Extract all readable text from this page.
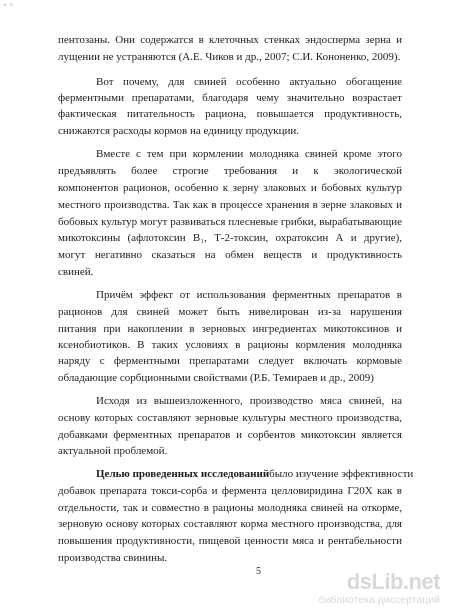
• ^
пентозаны. Они содержатся в клеточных стенках эндосперма зерна и
лущении не устраняются (А.Е. Чиков и др., 2007; С.И. Кононенко, 2009).
Вот почему, для свиней особенно актуально обогащение
ферментными препаратами, благодаря чему значительно возрастает
фактическая питательность рациона, повышается продуктивность,
снижаются расходы кормов на единицу продукции.
Вместе с тем при кормлении молодняка свиней кроме этого
предъявлять более строгие требования и к экологической
компонентов рационов, особенно к зерну злаковых и бобовых культур
местного производства. Так как в процессе хранения в зерне злаковых и
бобовых культур могут развиваться плесневые грибки, вырабатывающие
микотоксины (афлотоксин B₁, Т-2-токсин, охратоксин А и другие),
могут негативно сказаться на обмен веществ и продуктивность
свиней.
Причём эффект от использования ферментных препаратов в
рационов для свиней может быть нивелирован из-за нарушения
питания при накоплении в зерновых ингредиентах микотоксинов и
ксенобиотиков. В таких условиях в рационы кормления молодняка
наряду с ферментными препаратами следует включать кормовые
обладающие сорбционными свойствами (Р.Б. Темираев и др., 2009)
Исходя из вышеизложенного, производство мяса свиней, на
основу которых составляют зерновые культуры местного производства,
добавками ферментных препаратов и сорбентов микотоксин является
актуальной проблемой.
Целью проведенных исследований было изучение эффективности
добавок препарата токси-сорба и фермента целловиридина Г20Х как в
отдельности, так и совместно в рационы молодняка свиней на откорме,
зерновую основу которых составляют корма местного производства, для
повышения продуктивности, пищевой ценности мяса и рентабельности
производства свинины.
dsLib.net
библиотека диссертаций
5
